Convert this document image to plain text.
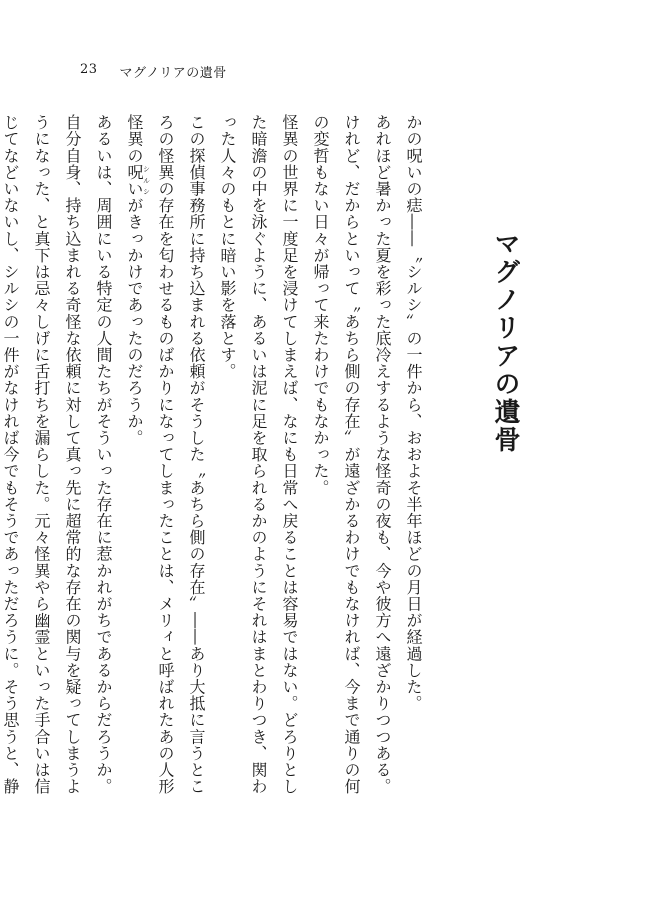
23 マグノリアの遺骨
マグノリアの遺骨

かの呪いの痣――〝シルシ〟の一件から、おおよそ半年ほどの月日が経過した。

あれほど暑かった夏を彩った底冷えするような怪奇の夜も、今や彼方へ遠ざかりつつある。けれど、だからといって〝あちら側の存在〟が遠ざかるわけでもなければ、今まで通りの何の変哲もない日々が帰って来たわけでもなかった。

怪異の世界に一度足を浸けてしまえば、なにも日常へ戻ることは容易ではない。どろりとした暗澹の中を泳ぐように、あるいは泥に足を取られるかのようにそれはまとわりつき、関わった人々のもとに暗い影を落とす。

この探偵事務所に持ち込まれる依頼がそうした〝あちら側の存在〟――あり大抵に言うところの怪異の存在を匂わせるものばかりになってしまったことは、メリィと呼ばれたあの人形怪異の呪いシルシがきっかけであったのだろうか。

あるいは、周囲にいる特定の人間たちがそういった存在に惹かれがちであるからだろうか。

自分自身、持ち込まれる奇怪な依頼に対して真っ先に超常的な存在の関与を疑ってしまうようになった、と真下は忌々しげに舌打ちを漏らした。元々怪異やら幽霊といった手合いは信じてなどいないし、シルシの一件がなければ今でもそうであっただろうに。そう思うと、静
